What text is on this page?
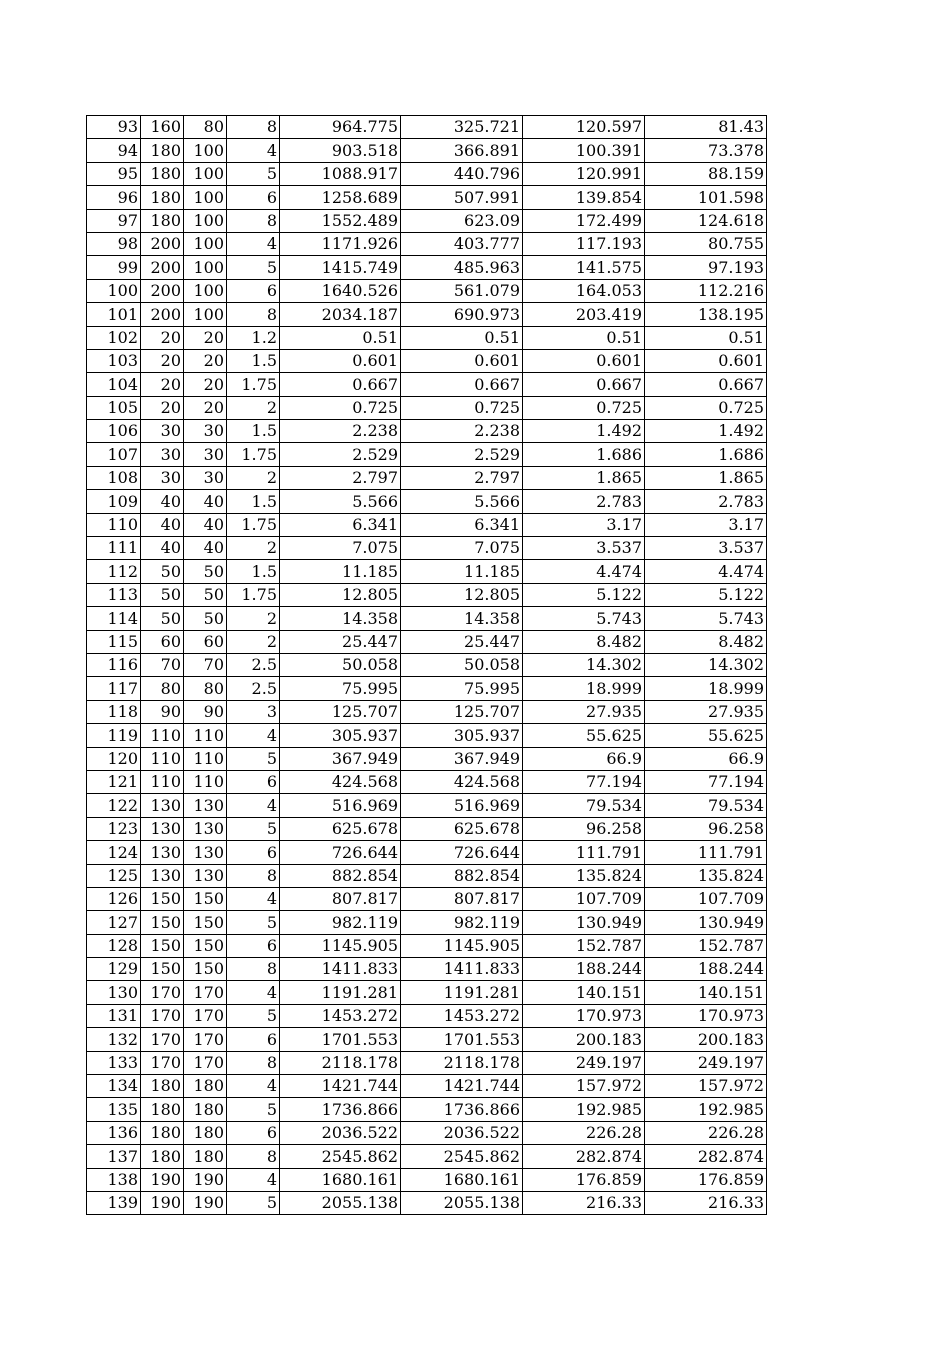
93	160	80	8	964.775	325.721	120.597	81.43
94	180	100	4	903.518	366.891	100.391	73.378
95	180	100	5	1088.917	440.796	120.991	88.159
96	180	100	6	1258.689	507.991	139.854	101.598
97	180	100	8	1552.489	623.09	172.499	124.618
98	200	100	4	1171.926	403.777	117.193	80.755
99	200	100	5	1415.749	485.963	141.575	97.193
100	200	100	6	1640.526	561.079	164.053	112.216
101	200	100	8	2034.187	690.973	203.419	138.195
102	20	20	1.2	0.51	0.51	0.51	0.51
103	20	20	1.5	0.601	0.601	0.601	0.601
104	20	20	1.75	0.667	0.667	0.667	0.667
105	20	20	2	0.725	0.725	0.725	0.725
106	30	30	1.5	2.238	2.238	1.492	1.492
107	30	30	1.75	2.529	2.529	1.686	1.686
108	30	30	2	2.797	2.797	1.865	1.865
109	40	40	1.5	5.566	5.566	2.783	2.783
110	40	40	1.75	6.341	6.341	3.17	3.17
111	40	40	2	7.075	7.075	3.537	3.537
112	50	50	1.5	11.185	11.185	4.474	4.474
113	50	50	1.75	12.805	12.805	5.122	5.122
114	50	50	2	14.358	14.358	5.743	5.743
115	60	60	2	25.447	25.447	8.482	8.482
116	70	70	2.5	50.058	50.058	14.302	14.302
117	80	80	2.5	75.995	75.995	18.999	18.999
118	90	90	3	125.707	125.707	27.935	27.935
119	110	110	4	305.937	305.937	55.625	55.625
120	110	110	5	367.949	367.949	66.9	66.9
121	110	110	6	424.568	424.568	77.194	77.194
122	130	130	4	516.969	516.969	79.534	79.534
123	130	130	5	625.678	625.678	96.258	96.258
124	130	130	6	726.644	726.644	111.791	111.791
125	130	130	8	882.854	882.854	135.824	135.824
126	150	150	4	807.817	807.817	107.709	107.709
127	150	150	5	982.119	982.119	130.949	130.949
128	150	150	6	1145.905	1145.905	152.787	152.787
129	150	150	8	1411.833	1411.833	188.244	188.244
130	170	170	4	1191.281	1191.281	140.151	140.151
131	170	170	5	1453.272	1453.272	170.973	170.973
132	170	170	6	1701.553	1701.553	200.183	200.183
133	170	170	8	2118.178	2118.178	249.197	249.197
134	180	180	4	1421.744	1421.744	157.972	157.972
135	180	180	5	1736.866	1736.866	192.985	192.985
136	180	180	6	2036.522	2036.522	226.28	226.28
137	180	180	8	2545.862	2545.862	282.874	282.874
138	190	190	4	1680.161	1680.161	176.859	176.859
139	190	190	5	2055.138	2055.138	216.33	216.33
